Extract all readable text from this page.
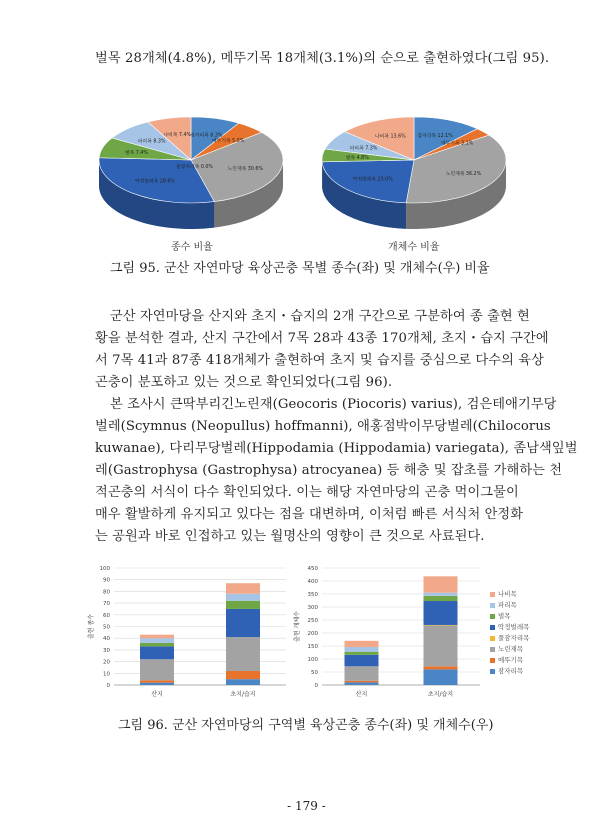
벌목 28개체(4.8%), 메뚜기목 18개체(3.1%)의 순으로 출현하였다(그림 95).
잠자리목 8.3%
메뚜기목 5.0%
노린재목 30.6%
풀잠자리목 0.0%
딱정벌레목 28.6%
벌목 7.4%
파리목 8.3%
나비목 7.4%	잠자리목 12.1%
메뚜기목 3.1%
노린재목 36.2%
딱정벌레목 23.0%
벌목 4.8%
파리목 7.3%
나비목 13.6%
종수 비율	개체수 비율
그림 95. 군산 자연마당 육상곤충 목별 종수(좌) 및 개체수(우) 비율
군산 자연마당을 산지와 초지・습지의 2개 구간으로 구분하여 종 출현 현
황을 분석한 결과, 산지 구간에서 7목 28과 43종 170개체, 초지・습지 구간에
서 7목 41과 87종 418개체가 출현하여 초지 및 습지를 중심으로 다수의 육상
곤충이 분포하고 있는 것으로 확인되었다(그림 96).
본 조사시 큰딱부리긴노린재(Geocoris (Piocoris) varius), 검은테애기무당
벌레(Scymnus (Neopullus) hoffmanni), 애홍점박이무당벌레(Chilocorus
kuwanae), 다리무당벌레(Hippodamia (Hippodamia) variegata), 좀남색잎벌
레(Gastrophysa (Gastrophysa) atrocyanea) 등 해충 및 잡초를 가해하는 천
적곤충의 서식이 다수 확인되었다. 이는 해당 자연마당의 곤충 먹이그물이
매우 활발하게 유지되고 있다는 점을 대변하며, 이처럼 빠른 서식처 안정화
는 공원과 바로 인접하고 있는 월명산의 영향이 큰 것으로 사료된다.
0
10
20
30
40
50
60
70
80
90
100
출현 종수
산지	초지/습지
0
50
100
150
200
250
300
350
400
450
출현 개체수
산지	초지/습지
나비목
파리목
벌목
딱정벌레목
풀잠자리목
노린재목
메뚜기목
잠자리목
그림 96. 군산 자연마당의 구역별 육상곤충 종수(좌) 및 개체수(우)
- 179 -
